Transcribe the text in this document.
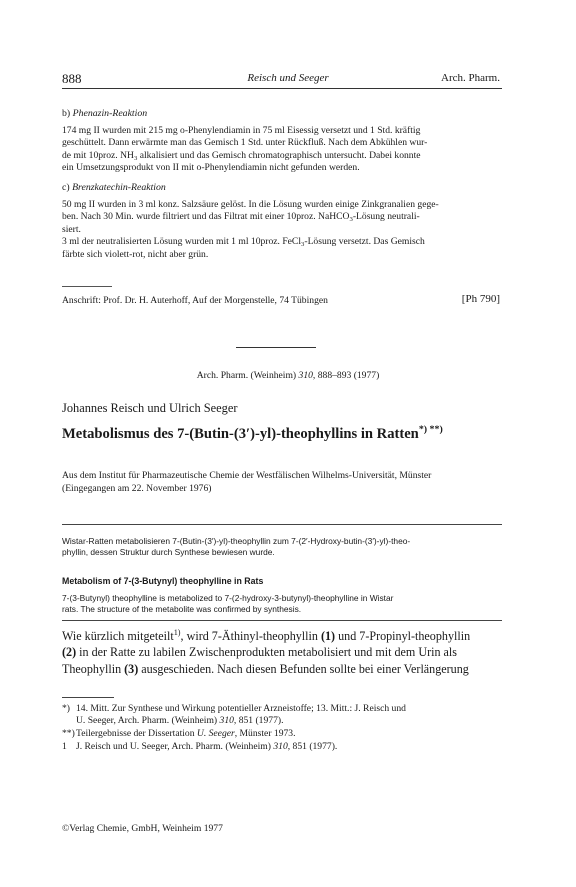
888	Reisch und Seeger	Arch. Pharm.
b) Phenazin-Reaktion
174 mg II wurden mit 215 mg o-Phenylendiamin in 75 ml Eisessig versetzt und 1 Std. kräftig
geschüttelt. Dann erwärmte man das Gemisch 1 Std. unter Rückfluß. Nach dem Abkühlen wur-
de mit 10proz. $NH_3$ alkalisiert und das Gemisch chromatographisch untersucht. Dabei konnte
ein Umsetzungsprodukt von II mit o-Phenylendiamin nicht gefunden werden.
c) Brenzkatechin-Reaktion
50 mg II wurden in 3 ml konz. Salzsäure gelöst. In die Lösung wurden einige Zinkgranalien gege-
ben. Nach 30 Min. wurde filtriert und das Filtrat mit einer 10proz. NaHCO$_3$-Lösung neutrali-
siert.
3 ml der neutralisierten Lösung wurden mit 1 ml 10proz. FeCl$_3$-Lösung versetzt. Das Gemisch
färbte sich violett-rot, nicht aber grün.
Anschrift: Prof. Dr. H. Auterhoff, Auf der Morgenstelle, 74 Tübingen	[Ph 790]
Arch. Pharm. (Weinheim) 310, 888–893 (1977)
Johannes Reisch und Ulrich Seeger
Metabolismus des 7-(Butin-(3′)-yl)-theophyllins in Ratten*) **)
Aus dem Institut für Pharmazeutische Chemie der Westfälischen Wilhelms-Universität, Münster
(Eingegangen am 22. November 1976)
Wistar-Ratten metabolisieren 7-(Butin-(3′)-yl)-theophyllin zum 7-(2′-Hydroxy-butin-(3′)-yl)-theo-
phyllin, dessen Struktur durch Synthese bewiesen wurde.
Metabolism of 7-(3-Butynyl) theophylline in Rats
7-(3-Butynyl) theophylline is metabolized to 7-(2-hydroxy-3-butynyl)-theophylline in Wistar
rats. The structure of the metabolite was confirmed by synthesis.
Wie kürzlich mitgeteilt$^{1)}$, wird 7-Äthinyl-theophyllin (1) und 7-Propinyl-theophyllin
(2) in der Ratte zu labilen Zwischenprodukten metabolisiert und mit dem Urin als
Theophyllin (3) ausgeschieden. Nach diesen Befunden sollte bei einer Verlängerung
*) 14. Mitt. Zur Synthese und Wirkung potentieller Arzneistoffe; 13. Mitt.: J. Reisch und
U. Seeger, Arch. Pharm. (Weinheim) 310, 851 (1977).
**)Teilergebnisse der Dissertation U. Seeger, Münster 1973.
1 J. Reisch und U. Seeger, Arch. Pharm. (Weinheim) 310, 851 (1977).
©Verlag Chemie, GmbH, Weinheim 1977
